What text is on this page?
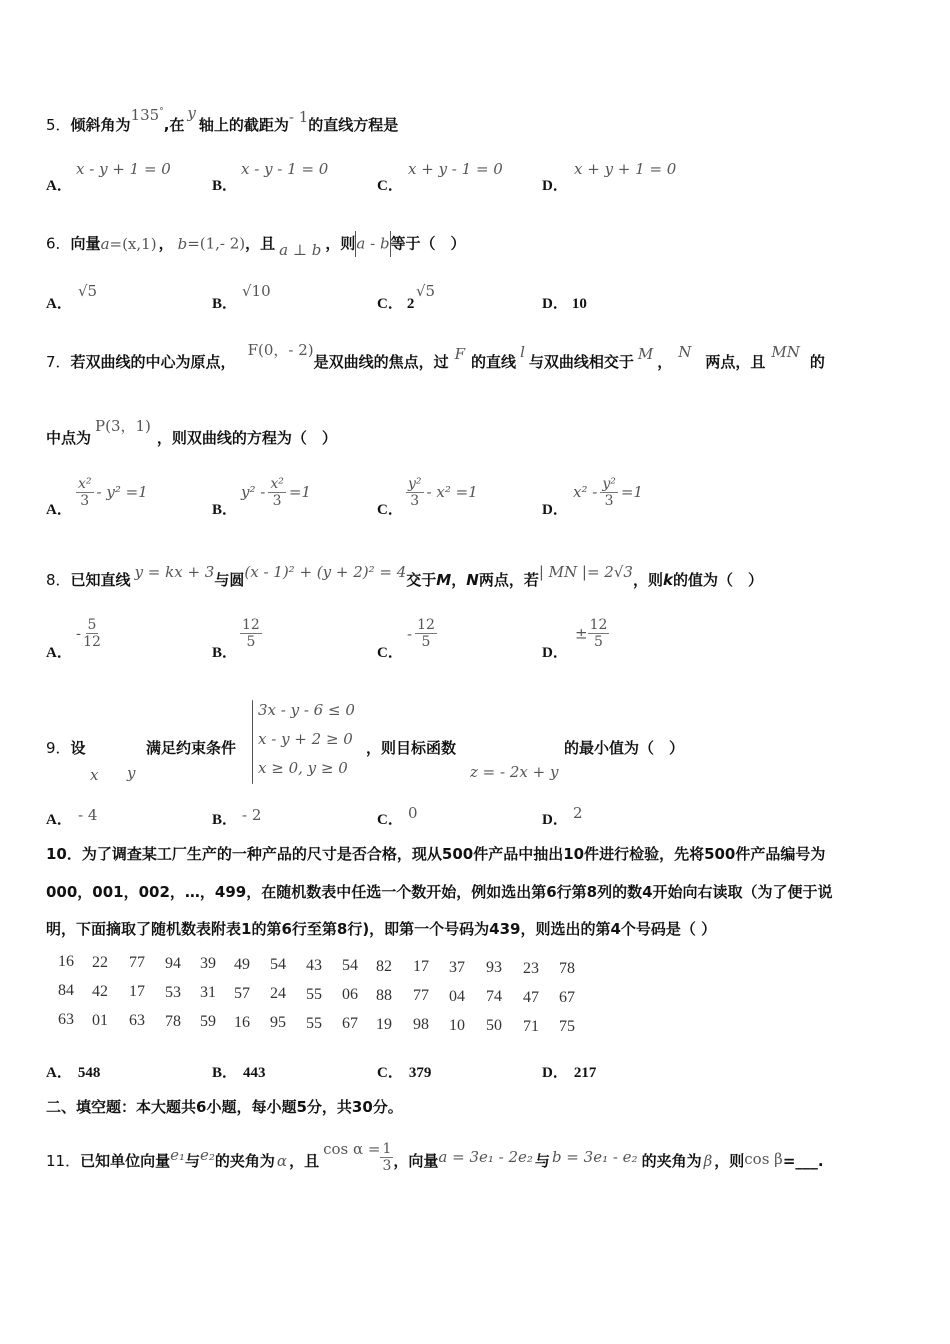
5．倾斜角为135°,在y轴上的截距为- 1的直线方程是
A．
x - y + 1 = 0
B．
x - y - 1 = 0
C．
x + y - 1 = 0
D．
x + y + 1 = 0
6．向量a=(x,1) ， b=(1,- 2)，且 a ⊥ b ，则a - b等于（　）
A．
√5
B．
√10
C． 2
√5
D． 10
7．若双曲线的中心为原点，F(0，- 2)是双曲线的焦点，过 F 的直线l与双曲线相交于 M ，N两点，且MN的
中点为P(3，1)，则双曲线的方程为（　）
A．
$\frac{\text{x²}}{3} - y^2 =1$
B．
$y^2 - \frac{\text{x²}}{3} =1$
C．
$\frac{\text{y²}}{3} - x^2 =1$
D．
$x^2 - \frac{\text{y²}}{3} =1$
8．已知直线 y = kx + 3与圆(x - 1)² + (y + 2)² = 4交于M，N两点，若| MN |= 2√3，则k的值为（　）
A．
- $\frac{5}{12}$
B．
$\frac{12}{5}$
C．
- $\frac{12}{5}$
D．
± $\frac{12}{5}$
9．设
x y
满足约束条件
3x - y - 6 ≤ 0
x - y + 2 ≥ 0
x ≥ 0, y ≥ 0
，则目标函数
z = - 2x + y
的最小值为（　）
A． - 4	B． - 2	C． 0	D． 2
10．为了调查某工厂生产的一种产品的尺寸是否合格，现从500件产品中抽出10件进行检验，先将500件产品编号为
000，001，002，…，499，在随机数表中任选一个数开始，例如选出第6行第8列的数4开始向右读取（为了便于说
明，下面摘取了随机数表附表1的第6行至第8行)，即第一个号码为439，则选出的第4个号码是（ ）
16 22 77 94 39 49 54 43 54 82 17 37 93 23 78
84 42 17 53 31 57 24 55 06 88 77 04 74 47 67
63 01 63 78 59 16 95 55 67 19 98 10 50 71 75
A． 548	B． 443	C． 379	D． 217
二、填空题：本大题共6小题，每小题5分，共30分。
11．已知单位向量e₁与e₂的夹角为 α ，且$\cos \alpha = \frac{1}{3}$ ，向量a = 3e₁ - 2e₂ 与 b = 3e₁ - e₂ 的夹角为 β ，则cos β=___.
